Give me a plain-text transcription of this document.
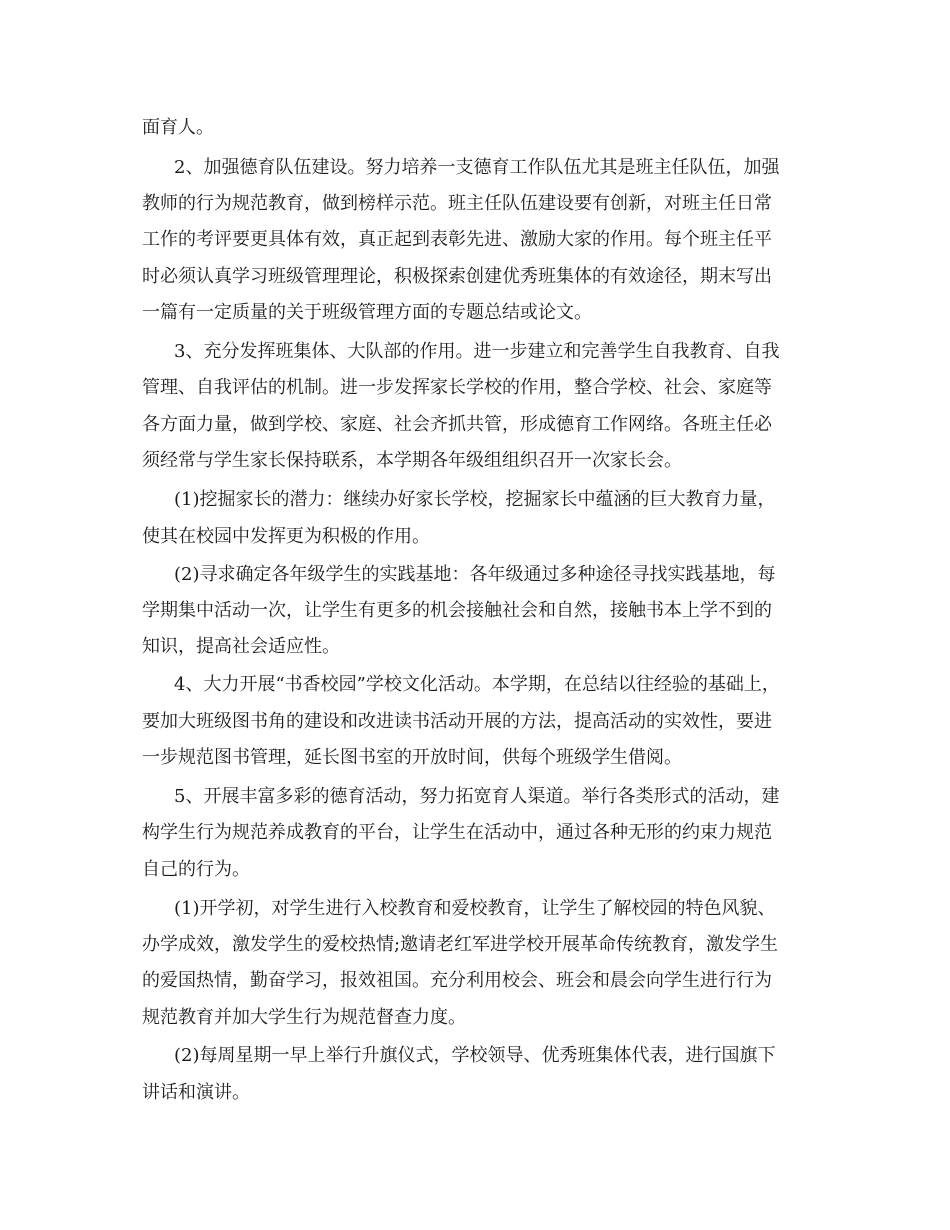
面育人。

2、加强德育队伍建设。努力培养一支德育工作队伍尤其是班主任队伍，加强

教师的行为规范教育，做到榜样示范。班主任队伍建设要有创新，对班主任日常

工作的考评要更具体有效，真正起到表彰先进、激励大家的作用。每个班主任平

时必须认真学习班级管理理论，积极探索创建优秀班集体的有效途径，期末写出

一篇有一定质量的关于班级管理方面的专题总结或论文。

3、充分发挥班集体、大队部的作用。进一步建立和完善学生自我教育、自我

管理、自我评估的机制。进一步发挥家长学校的作用，整合学校、社会、家庭等

各方面力量，做到学校、家庭、社会齐抓共管，形成德育工作网络。各班主任必

须经常与学生家长保持联系，本学期各年级组组织召开一次家长会。

(1)挖掘家长的潜力：继续办好家长学校，挖掘家长中蕴涵的巨大教育力量，

使其在校园中发挥更为积极的作用。

(2)寻求确定各年级学生的实践基地：各年级通过多种途径寻找实践基地，每

学期集中活动一次，让学生有更多的机会接触社会和自然，接触书本上学不到的

知识，提高社会适应性。

4、大力开展“书香校园”学校文化活动。本学期，在总结以往经验的基础上，

要加大班级图书角的建设和改进读书活动开展的方法，提高活动的实效性，要进

一步规范图书管理，延长图书室的开放时间，供每个班级学生借阅。

5、开展丰富多彩的德育活动，努力拓宽育人渠道。举行各类形式的活动，建

构学生行为规范养成教育的平台，让学生在活动中，通过各种无形的约束力规范

自己的行为。

(1)开学初，对学生进行入校教育和爱校教育，让学生了解校园的特色风貌、

办学成效，激发学生的爱校热情;邀请老红军进学校开展革命传统教育，激发学生

的爱国热情，勤奋学习，报效祖国。充分利用校会、班会和晨会向学生进行行为

规范教育并加大学生行为规范督查力度。

(2)每周星期一早上举行升旗仪式，学校领导、优秀班集体代表，进行国旗下

讲话和演讲。
